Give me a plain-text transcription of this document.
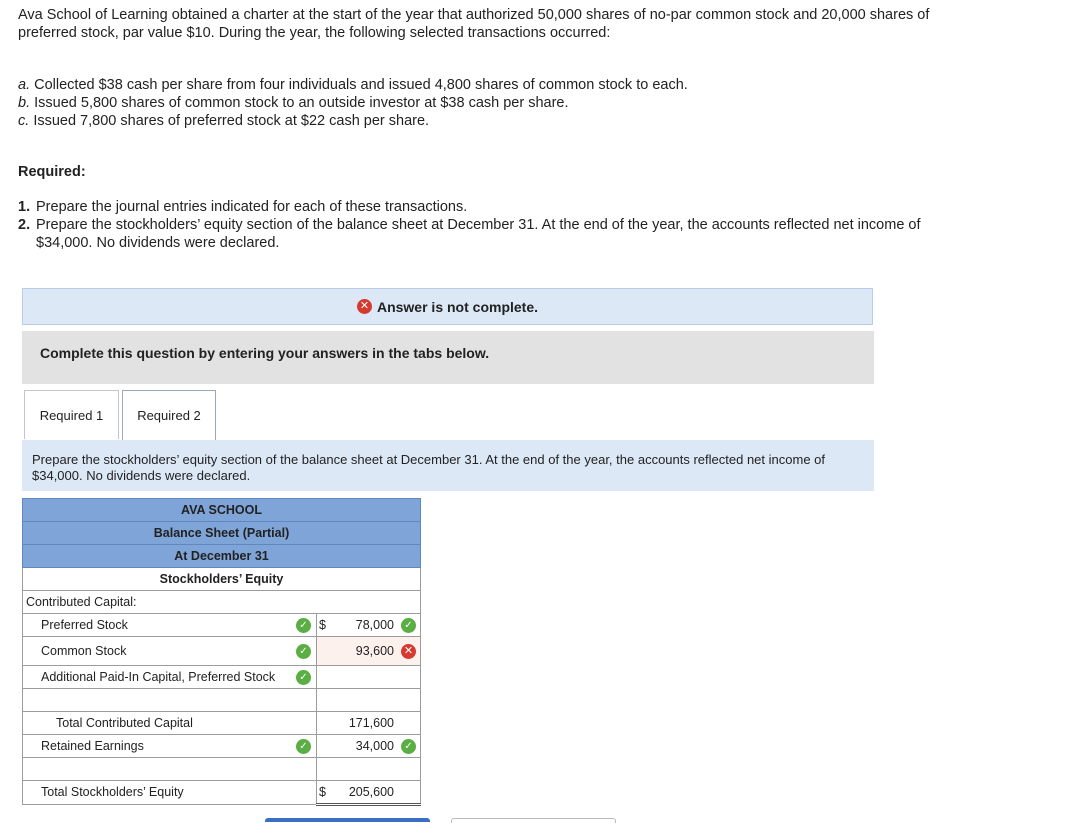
Ava School of Learning obtained a charter at the start of the year that authorized 50,000 shares of no-par common stock and 20,000 shares of preferred stock, par value $10. During the year, the following selected transactions occurred:
a. Collected $38 cash per share from four individuals and issued 4,800 shares of common stock to each.
b. Issued 5,800 shares of common stock to an outside investor at $38 cash per share.
c. Issued 7,800 shares of preferred stock at $22 cash per share.
Required:
1. Prepare the journal entries indicated for each of these transactions.
2. Prepare the stockholders’ equity section of the balance sheet at December 31. At the end of the year, the accounts reflected net income of $34,000. No dividends were declared.
✕ Answer is not complete.
Complete this question by entering your answers in the tabs below.
Required 1	Required 2
Prepare the stockholders’ equity section of the balance sheet at December 31. At the end of the year, the accounts reflected net income of $34,000. No dividends were declared.
AVA SCHOOL	
Balance Sheet (Partial)	
At December 31	
Stockholders’ Equity	

Contributed Capital:	

Preferred Stock ✓	$ 78,000 ✓

Common Stock ✓	93,600 ✕

Additional Paid-In Capital, Preferred Stock ✓	

Total Contributed Capital	171,600

Retained Earnings ✓	34,000 ✓

Total Stockholders’ Equity	$ 205,600
